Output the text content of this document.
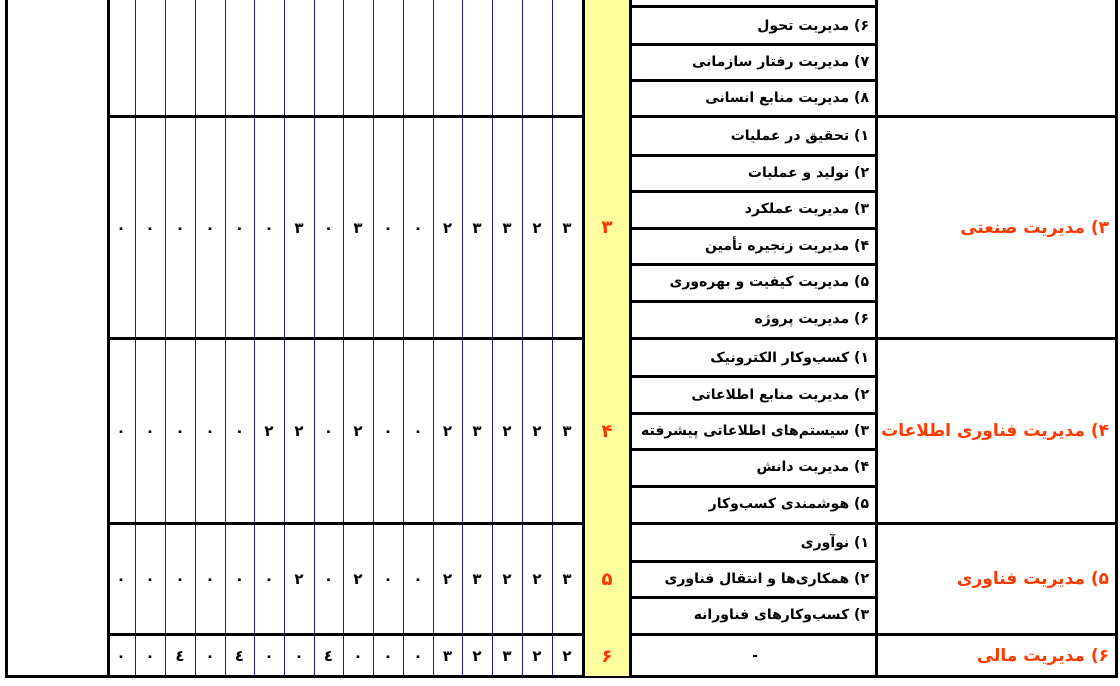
۶) مدیریت تحول
۷) مدیریت رفتار سازمانی
۸) مدیریت منابع انسانی
۱) تحقیق در عملیات
۲) تولید و عملیات
۳) مدیریت عملکرد
۴) مدیریت زنجیره تأمین
۵) مدیریت کیفیت و بهره‌وری
۶) مدیریت پروژه
۱) کسب‌وکار الکترونیک
۲) مدیریت منابع اطلاعاتی
۳) سیستم‌های اطلاعاتی پیشرفته
۴) مدیریت دانش
۵) هوشمندی کسب‌وکار
۱) نوآوری
۲) همکاری‌ها و انتقال فناوری
۳) کسب‌وکارهای فناورانه
-
۳
۲
۳
۳
۲
۰
۰
۳
۰
۳
۰
۰
۰
۰
۰
۰
۳
۲
۲
۳
۲
۰
۰
۲
۰
۲
۲
۰
۰
۰
۰
۰
۳
۲
۲
۳
۲
۰
۰
۲
۰
۲
۰
۰
۰
۰
۰
۰
۲
۲
۳
۲
۳
۰
۰
۰
٤
۰
۰
٤
۰
٤
۰
۰
۳
۴
۵
۶
۳) مدیریت صنعتی
۴) مدیریت فناوری اطلاعات
۵) مدیریت فناوری
۶) مدیریت مالی
